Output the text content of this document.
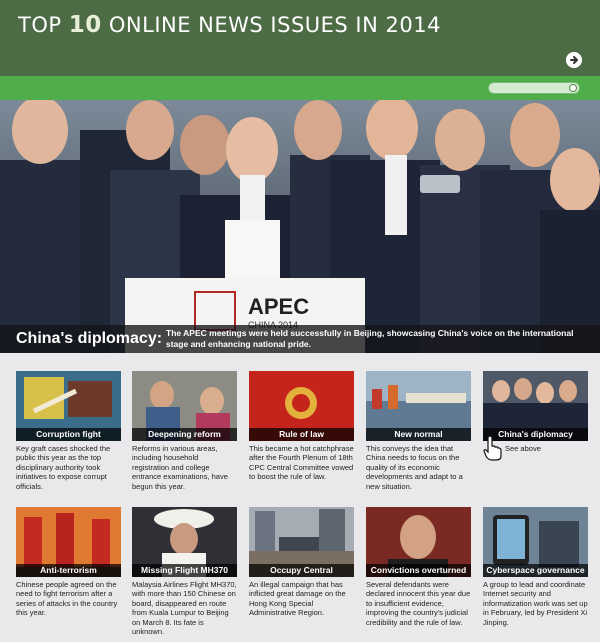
TOP 10 ONLINE NEWS ISSUES IN 2014
APEC
China's diplomacy: The APEC meetings were held successfully in Beijing, showcasing China's voice on the international stage and enhancing national pride.
Corruption fight
Key graft cases shocked the public this year as the top disciplinary authority took initiatives to expose corrupt officials.
Deepening reform
Reforms in various areas, including household registration and college entrance examinations, have begun this year.
Rule of law
This became a hot catchphrase after the Fourth Plenum of 18th CPC Central Committee vowed to boost the rule of law.
New normal
This conveys the idea that China needs to focus on the quality of its economic developments and adapt to a new situation.
China's diplomacy
See above
Anti-terrorism
Chinese people agreed on the need to fight terrorism after a series of attacks in the country this year.
Missing Flight MH370
Malaysia Airlines Flight MH370, with more than 150 Chinese on board, disappeared en route from Kuala Lumpur to Beijing on March 8. Its fate is unknown.
Occupy Central
An illegal campaign that has inflicted great damage on the Hong Kong Special Administrative Region.
Convictions overturned
Several defendants were declared innocent this year due to insufficient evidence, improving the country's judicial credibility and the rule of law.
Cyberspace governance
A group to lead and coordinate Internet security and informatization work was set up in February, led by President Xi Jinping.
